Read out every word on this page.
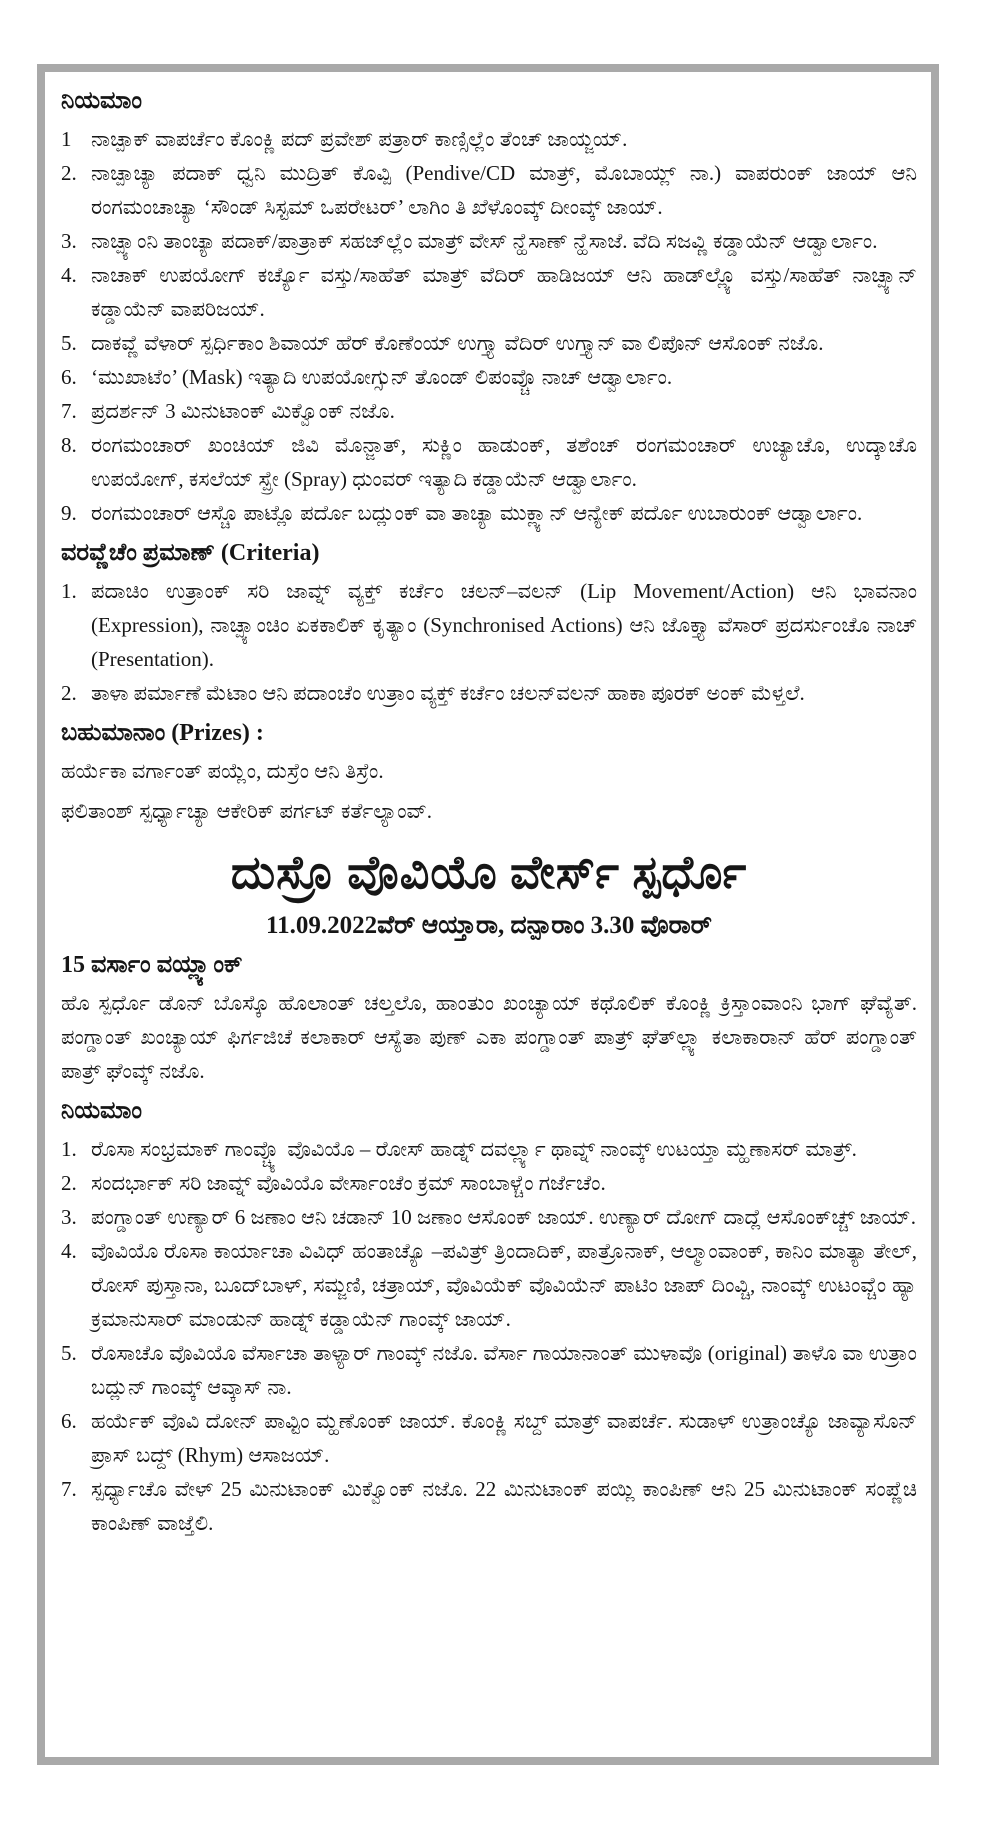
ನಿಯಮಾಂ
1 ನಾಚ್ಪಾಕ್ ವಾಪರ್ಚೆಂ ಕೊಂಕ್ಣಿ ಪದ್ ಪ್ರವೇಶ್ ಪತ್ರಾರ್ ಕಾಣ್ಸಿಲ್ಲೆಂ ತೆಂಚ್ ಜಾಯ್ಜಯ್.
2. ನಾಚ್ಪಾಚ್ಯಾ ಪದಾಕ್ ಧ್ವನಿ ಮುದ್ರಿತ್ ಕೊವ್ಪಿ (Pendive/CD ಮಾತ್ರ್, ಮೊಬಾಯ್ಲ್ ನಾ.) ವಾಪರುಂಕ್ ಜಾಯ್ ಆನಿ ರಂಗಮಂಚಾಚ್ಯಾ ‘ಸೌಂಡ್ ಸಿಸ್ಟಮ್ ಒಪರೇಟರ್’ ಲಾಗಿಂ ತಿ ಖೆಳೊಂವ್ಕ್ ದೀಂವ್ಕ್ ಜಾಯ್.
3. ನಾಚ್ಪ್ಯಾಂನಿ ತಾಂಚ್ಯಾ ಪದಾಕ್/ಪಾತ್ರಾಕ್ ಸಹಜ್‌ಲ್ಲೆಂ ಮಾತ್ರ್ ವೇಸ್ ನ್ಹೆಸಾಣ್ ನ್ಹೆಸಾಜೆ. ವೆದಿ ಸಜವ್ಣಿ ಕಡ್ಡಾಯೆನ್ ಆಡ್ವಾರ್ಲಾಂ.
4. ನಾಚಾಕ್ ಉಪಯೋಗ್ ಕರ್ಚ್ಯೊ ವಸ್ತು/ಸಾಹೆತ್ ಮಾತ್ರ್ ವೆದಿರ್ ಹಾಡಿಜಯ್ ಆನಿ ಹಾಡ್‌ಲ್ಲ್ಯೊ ವಸ್ತು/ಸಾಹೆತ್ ನಾಚ್ಪ್ಯಾನ್ ಕಡ್ಡಾಯೆನ್ ವಾಪರಿಜಯ್.
5. ದಾಕವ್ಣೆ ವೆಳಾರ್ ಸ್ಪರ್ಧಿಕಾಂ ಶಿವಾಯ್ ಹೆರ್ ಕೊಣೆಂಯ್ ಉಗ್ತ್ಯಾ ವೆದಿರ್ ಉಗ್ತ್ಯಾನ್ ವಾ ಲಿಪೊನ್ ಆಸೊಂಕ್ ನಜೊ.
6. ‘ಮುಖಾಟೆಂ’ (Mask) ಇತ್ಯಾದಿ ಉಪಯೋಗ್ಸುನ್ ತೊಂಡ್ ಲಿಪಂವ್ಚೊ ನಾಚ್ ಆಡ್ವಾರ್ಲಾಂ.
7. ಪ್ರದರ್ಶನ್ 3 ಮಿನುಟಾಂಕ್ ಮಿಕ್ವೊಂಕ್ ನಜೊ.
8. ರಂಗಮಂಚಾರ್ ಖಂಚಿಯ್ ಜಿವಿ ಮೊನ್ಜಾತ್, ಸುಕ್ಣಿಂ ಹಾಡುಂಕ್, ತಶೆಂಚ್ ರಂಗಮಂಚಾರ್ ಉಜ್ಯಾಚೊ, ಉದ್ಕಾಚೊ ಉಪಯೋಗ್, ಕಸಲೆಯ್ ಸ್ಪ್ರೇ (Spray) ಧುಂವರ್ ಇತ್ಯಾದಿ ಕಡ್ಡಾಯೆನ್ ಆಡ್ವಾರ್ಲಾಂ.
9. ರಂಗಮಂಚಾರ್ ಆಸ್ಚೊ ಪಾಟ್ಲೊ ಪರ್ದೊ ಬದ್ಲುಂಕ್ ವಾ ತಾಚ್ಯಾ ಮುಕ್ಲ್ಯಾನ್ ಆನ್ಯೇಕ್ ಪರ್ದೊ ಉಬಾರುಂಕ್ ಆಡ್ವಾರ್ಲಾಂ.
ವರವ್ಣೆಚೆಂ ಪ್ರಮಾಣ್ (Criteria)
1. ಪದಾಚಿಂ ಉತ್ರಾಂಕ್ ಸರಿ ಜಾವ್ನ್ ವ್ಯಕ್ತ್ ಕರ್ಚೆಂ ಚಲನ್–ವಲನ್ (Lip Movement/Action) ಆನಿ ಭಾವನಾಂ (Expression), ನಾಚ್ಪ್ಯಾಂಚಿಂ ಏಕಕಾಲಿಕ್ ಕೃತ್ಯಾಂ (Synchronised Actions) ಆನಿ ಜೊಕ್ತ್ಯಾ ವೆಸಾರ್ ಪ್ರದರ್ಸುಂಚೊ ನಾಚ್ (Presentation).
2. ತಾಳಾ ಪರ್ಮಾಣೆ ಮೆಟಾಂ ಆನಿ ಪದಾಂಚೆಂ ಉತ್ರಾಂ ವ್ಯಕ್ತ್ ಕರ್ಚೆಂ ಚಲನ್‌ವಲನ್ ಹಾಕಾ ಪೂರಕ್ ಅಂಕ್ ಮೆಳ್ತಲೆ.
ಬಹುಮಾನಾಂ (Prizes) :

ಹರ್ಯೆಕಾ ವರ್ಗಾಂತ್ ಪಯ್ಲೆಂ, ದುಸ್ರೆಂ ಆನಿ ತಿಸ್ರೆಂ.

ಫಲಿತಾಂಶ್ ಸ್ಪರ್ಧ್ಯಾಚ್ಯಾ ಆಕೇರಿಕ್ ಪರ್ಗಟ್ ಕರ್ತೆಲ್ಯಾಂವ್.

ದುಸ್ರೊ ವೊವಿಯೊ ವೇರ್ಸ್ ಸ್ಪರ್ಧೊ

11.09.2022ವೆರ್ ಆಯ್ತಾರಾ, ದನ್ಪಾರಾಂ 3.30 ವೊರಾರ್

15 ವರ್ಸಾಂ ವಯ್ಲ್ಯಾಂಕ್

ಹೊ ಸ್ಪರ್ಧೊ ಡೊನ್ ಬೊಸ್ಕೊ ಹೊಲಾಂತ್ ಚಲ್ತಲೊ, ಹಾಂತುಂ ಖಂಚ್ಯಾಯ್ ಕಥೊಲಿಕ್ ಕೊಂಕ್ಣಿ ಕ್ರಿಸ್ತಾಂವಾಂನಿ ಭಾಗ್ ಘೆವ್ಯೆತ್. ಪಂಗ್ಡಾಂತ್ ಖಂಚ್ಯಾಯ್ ಫಿರ್ಗಜಿಚೆ ಕಲಾಕಾರ್ ಆಸ್ಯೆತಾ ಪುಣ್ ಎಕಾ ಪಂಗ್ಡಾಂತ್ ಪಾತ್ರ್ ಘೆತ್‌ಲ್ಲ್ಯಾ ಕಲಾಕಾರಾನ್ ಹೆರ್ ಪಂಗ್ಡಾಂತ್ ಪಾತ್ರ್ ಘೆಂವ್ಕ್ ನಜೊ.

ನಿಯಮಾಂ
1. ರೊಸಾ ಸಂಭ್ರಮಾಕ್ ಗಾಂವ್ಚ್ಯೊ ವೊವಿಯೊ – ರೋಸ್ ಹಾಡ್ನ್ ದವರ್ಲ್ಲ್ಯಾ ಥಾವ್ನ್ ನಾಂವ್ಕ್ ಉಟಯ್ತಾ ಮ್ಹಣಾಸರ್ ಮಾತ್ರ್.
2. ಸಂದರ್ಭಾಕ್ ಸರಿ ಜಾವ್ನ್ ವೊವಿಯೊ ವೇರ್ಸಾಂಚೆಂ ಕ್ರಮ್ ಸಾಂಬಾಳ್ಚೆಂ ಗರ್ಜೆಚೆಂ.
3. ಪಂಗ್ಡಾಂತ್ ಉಣ್ಯಾರ್ 6 ಜಣಾಂ ಆನಿ ಚಡಾನ್ 10 ಜಣಾಂ ಆಸೊಂಕ್ ಜಾಯ್. ಉಣ್ಯಾರ್ ದೋಗ್ ದಾದ್ಲೆ ಆಸೊಂಕ್‌ಚ್ಚ್ ಜಾಯ್.
4. ವೊವಿಯೊ ರೊಸಾ ಕಾರ್ಯಾಚಾ ವಿವಿಧ್ ಹಂತಾಚ್ಯೊ –ಪವಿತ್ರ್ ತ್ರಿಂದಾದಿಕ್, ಪಾತ್ರೊನಾಕ್, ಆಲ್ಮಾಂವಾಂಕ್, ಕಾನಿಂ ಮಾತ್ಯಾ ತೇಲ್, ರೋಸ್ ಪುಸ್ತಾನಾ, ಬೂದ್‌ಬಾಳ್, ಸಮ್ಜಣಿ, ಚತ್ರಾಯ್, ವೊವಿಯೆಕ್ ವೊವಿಯೆನ್ ಪಾಟಿಂ ಜಾಪ್ ದಿಂವ್ಚಿ, ನಾಂವ್ಕ್ ಉಟಂವ್ಚೆಂ ಹ್ಯಾ ಕ್ರಮಾನುಸಾರ್ ಮಾಂಡುನ್ ಹಾಡ್ನ್ ಕಡ್ಡಾಯೆನ್ ಗಾಂವ್ಕ್ ಜಾಯ್.
5. ರೊಸಾಚೊ ವೊವಿಯೊ ವೆರ್ಸಾಚಾ ತಾಳ್ಯಾರ್ ಗಾಂವ್ಕ್ ನಜೊ. ವೆರ್ಸಾ ಗಾಯಾನಾಂತ್ ಮುಳಾವೊ (original) ತಾಳೊ ವಾ ಉತ್ರಾಂ ಬದ್ಲುನ್ ಗಾಂವ್ಕ್ ಆವ್ಕಾಸ್ ನಾ.
6. ಹರ್ಯೆಕ್ ವೊವಿ ದೋನ್ ಪಾವ್ಟಿಂ ಮ್ಹಣೊಂಕ್ ಜಾಯ್. ಕೊಂಕ್ಣಿ ಸಬ್ದ್ ಮಾತ್ರ್ ವಾಪರ್ಚೆ. ಸುಡಾಳ್ ಉತ್ರಾಂಚ್ಯೊ ಜಾವ್ಯಾಸೊನ್ ಪ್ರಾಸ್ ಬದ್ದ್ (Rhym) ಆಸಾಜಯ್.
7. ಸ್ಪರ್ಧ್ಯಾಚೊ ವೇಳ್ 25 ಮಿನುಟಾಂಕ್ ಮಿಕ್ವೊಂಕ್ ನಜೊ. 22 ಮಿನುಟಾಂಕ್ ಪಯ್ಲಿ ಕಾಂಪಿಣ್ ಆನಿ 25 ಮಿನುಟಾಂಕ್ ಸಂಪ್ಣೆಚಿ ಕಾಂಪಿಣ್ ವಾಜ್ತೆಲಿ.
